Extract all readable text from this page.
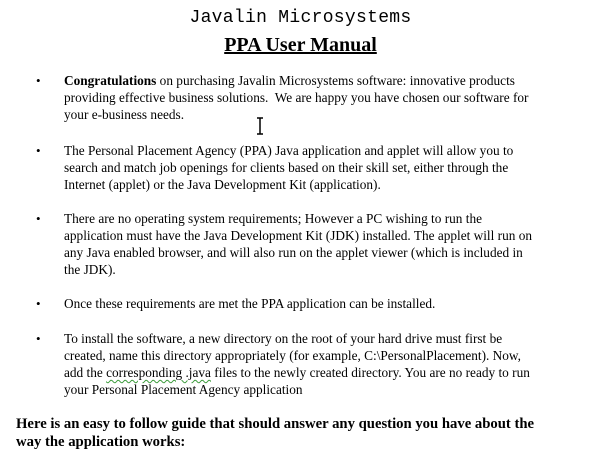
Javalin Microsystems
PPA User Manual
• Congratulations on purchasing Javalin Microsystems software: innovative products
providing effective business solutions.  We are happy you have chosen our software for
your e-business needs.
• The Personal Placement Agency (PPA) Java application and applet will allow you to
search and match job openings for clients based on their skill set, either through the
Internet (applet) or the Java Development Kit (application).
• There are no operating system requirements; However a PC wishing to run the
application must have the Java Development Kit (JDK) installed. The applet will run on
any Java enabled browser, and will also run on the applet viewer (which is included in
the JDK).
• Once these requirements are met the PPA application can be installed.
• To install the software, a new directory on the root of your hard drive must first be
created, name this directory appropriately (for example, C:\PersonalPlacement). Now,
add the corresponding .java files to the newly created directory. You are no ready to run
your Personal Placement Agency application
Here is an easy to follow guide that should answer any question you have about the
way the application works:
